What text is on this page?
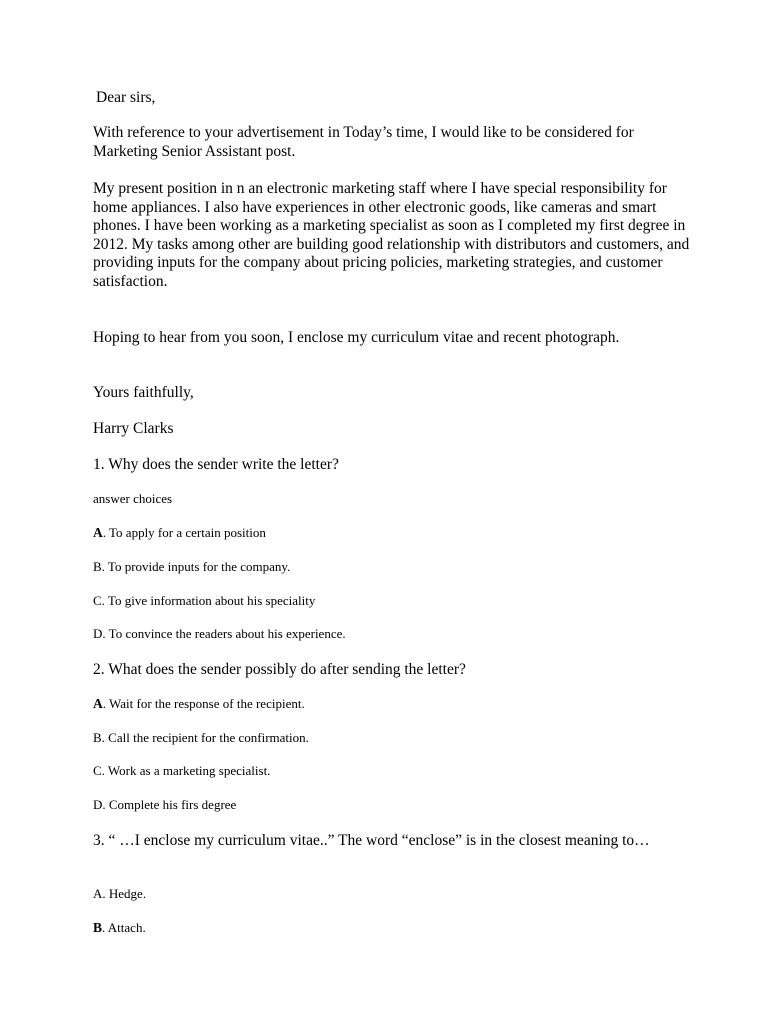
Dear sirs,

With reference to your advertisement in Today’s time, I would like to be considered for Marketing Senior Assistant post.

My present position in n an electronic marketing staff where I have special responsibility for home appliances. I also have experiences in other electronic goods, like cameras and smart phones. I have been working as a marketing specialist as soon as I completed my first degree in 2012. My tasks among other are building good relationship with distributors and customers, and providing inputs for the company about pricing policies, marketing strategies, and customer satisfaction.

Hoping to hear from you soon, I enclose my curriculum vitae and recent photograph.

Yours faithfully,

Harry Clarks

1. Why does the sender write the letter?

answer choices

A. To apply for a certain position

B. To provide inputs for the company.

C. To give information about his speciality

D. To convince the readers about his experience.

2. What does the sender possibly do after sending the letter?

A. Wait for the response of the recipient.

B. Call the recipient for the confirmation.

C. Work as a marketing specialist.

D. Complete his firs degree

3. “ …I enclose my curriculum vitae..” The word “enclose” is in the closest meaning to…

A. Hedge.

B. Attach.
